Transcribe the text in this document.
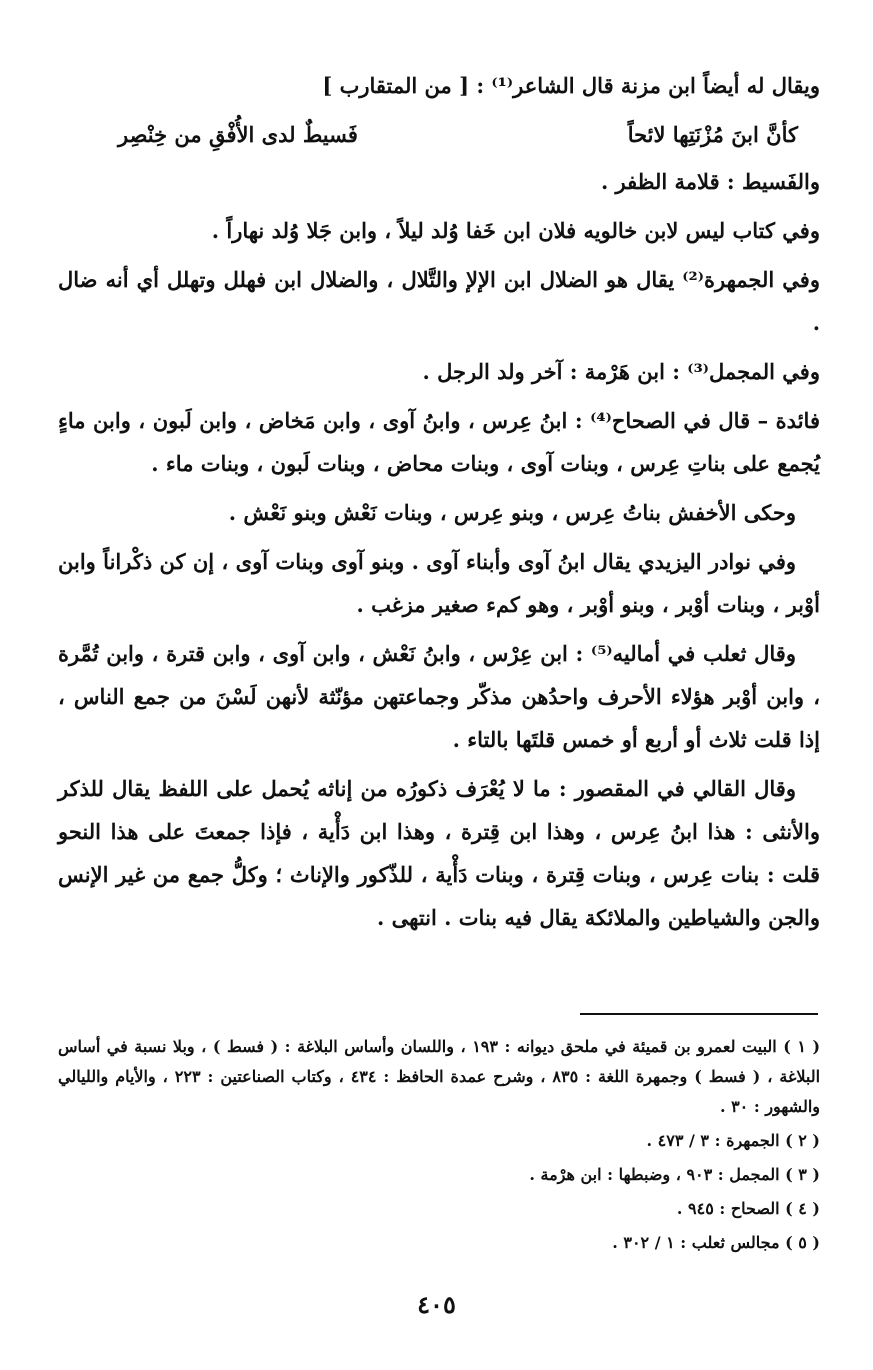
ويقال له أيضاً ابن مزنة قال الشاعر⁽¹⁾ : [ من المتقارب ]

كأنَّ ابنَ مُزْنَتِها لائحاً
فَسيطٌ لدى الأُفْقِ من خِنْصِر

والفَسيط : قلامة الظفر .

وفي كتاب ليس لابن خالويه فلان ابن خَفا وُلد ليلاً ، وابن جَلا وُلد نهاراً .

وفي الجمهرة⁽²⁾ يقال هو الضلال ابن الإلإ والتَّلال ، والضلال ابن فهلل وتهلل أي أنه ضال .

وفي المجمل⁽³⁾ : ابن هَرْمة : آخر ولد الرجل .

فائدة – قال في الصحاح⁽⁴⁾ : ابنُ عِرس ، وابنُ آوى ، وابن مَخاض ، وابن لَبون ، وابن ماءٍ يُجمع على بناتِ عِرس ، وبنات آوى ، وبنات محاض ، وبنات لَبون ، وبنات ماء .

وحكى الأخفش بناتُ عِرس ، وبنو عِرس ، وبنات نَعْش وبنو نَعْش .

وفي نوادر اليزيدي يقال ابنُ آوى وأبناء آوى . وبنو آوى وبنات آوى ، إن كن ذكْراناً وابن أوْبر ، وبنات أوْبر ، وبنو أوْبر ، وهو كمء صغير مزغب .

وقال ثعلب في أماليه⁽⁵⁾ : ابن عِرْس ، وابنُ نَعْش ، وابن آوى ، وابن قترة ، وابن تُمَّرة ، وابن أوْبر هؤلاء الأحرف واحدُهن مذكّر وجماعتهن مؤنّثة لأنهن لَسْنَ من جمع الناس ، إذا قلت ثلاث أو أربع أو خمس قلتَها بالتاء .

وقال القالي في المقصور : ما لا يُعْرَف ذكورُه من إناثه يُحمل على اللفظ يقال للذكر والأنثى : هذا ابنُ عِرس ، وهذا ابن قِترة ، وهذا ابن دَأْية ، فإذا جمعتَ على هذا النحو قلت : بنات عِرس ، وبنات قِترة ، وبنات دَأْية ، للذّكور والإناث ؛ وكلُّ جمع من غير الإنس والجن والشياطين والملائكة يقال فيه بنات . انتهى .

( ١ ) البيت لعمرو بن قميئة في ملحق ديوانه : ١٩٣ ، واللسان وأساس البلاغة : ( فسط ) ، وبلا نسبة في أساس البلاغة ، ( فسط ) وجمهرة اللغة : ٨٣٥ ، وشرح عمدة الحافظ : ٤٣٤ ، وكتاب الصناعتين : ٢٢٣ ، والأيام والليالي والشهور : ٣٠ .

( ٢ ) الجمهرة : ٣ / ٤٧٣ .

( ٣ ) المجمل : ٩٠٣ ، وضبطها : ابن هرْمة .

( ٤ ) الصحاح : ٩٤٥ .

( ٥ ) مجالس ثعلب : ١ / ٣٠٢ .

٤٠٥
